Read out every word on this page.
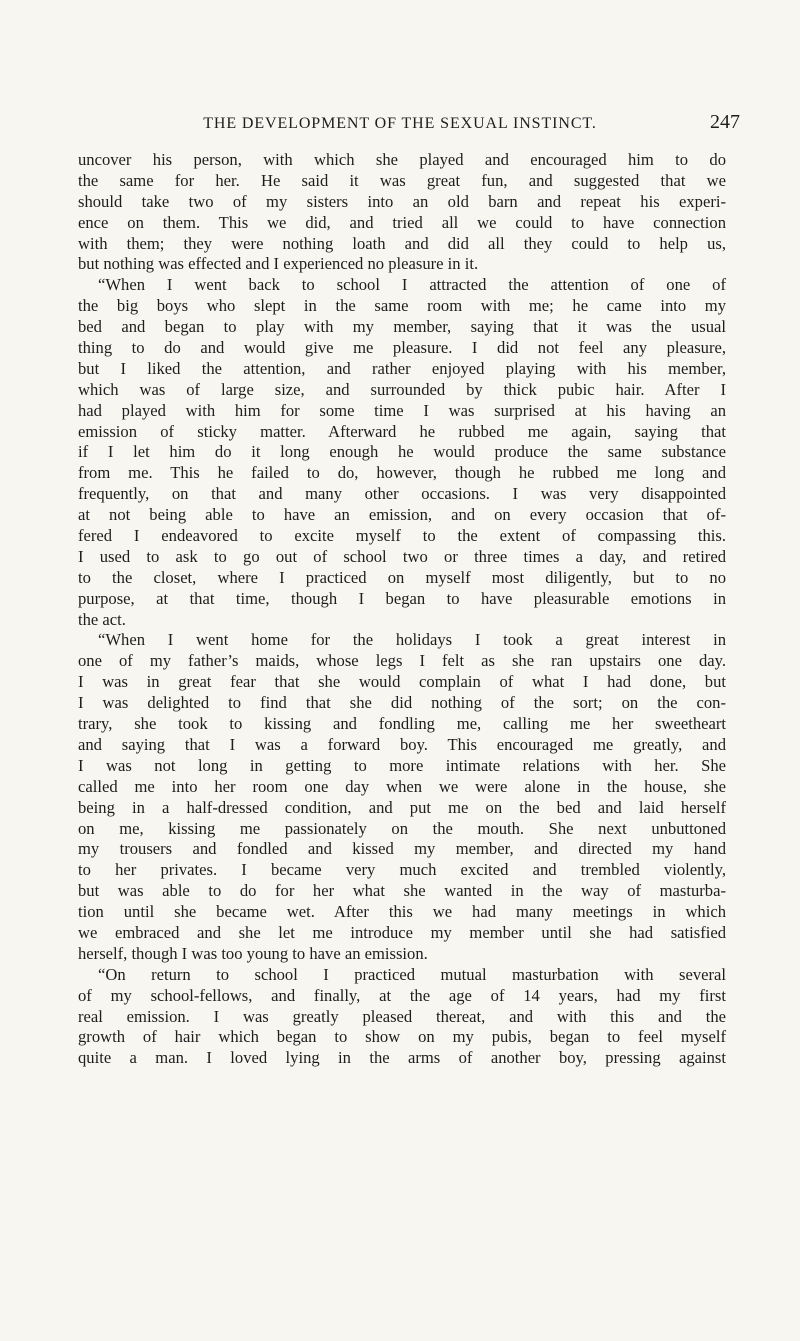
THE DEVELOPMENT OF THE SEXUAL INSTINCT.	247
uncover his person, with which she played and encouraged him to do
the same for her. He said it was great fun, and suggested that we
should take two of my sisters into an old barn and repeat his experi-
ence on them. This we did, and tried all we could to have connection
with them; they were nothing loath and did all they could to help us,
but nothing was effected and I experienced no pleasure in it.
“When I went back to school I attracted the attention of one of
the big boys who slept in the same room with me; he came into my
bed and began to play with my member, saying that it was the usual
thing to do and would give me pleasure. I did not feel any pleasure,
but I liked the attention, and rather enjoyed playing with his member,
which was of large size, and surrounded by thick pubic hair. After I
had played with him for some time I was surprised at his having an
emission of sticky matter. Afterward he rubbed me again, saying that
if I let him do it long enough he would produce the same substance
from me. This he failed to do, however, though he rubbed me long and
frequently, on that and many other occasions. I was very disappointed
at not being able to have an emission, and on every occasion that of-
fered I endeavored to excite myself to the extent of compassing this.
I used to ask to go out of school two or three times a day, and retired
to the closet, where I practiced on myself most diligently, but to no
purpose, at that time, though I began to have pleasurable emotions in
the act.
“When I went home for the holidays I took a great interest in
one of my father’s maids, whose legs I felt as she ran upstairs one day.
I was in great fear that she would complain of what I had done, but
I was delighted to find that she did nothing of the sort; on the con-
trary, she took to kissing and fondling me, calling me her sweetheart
and saying that I was a forward boy. This encouraged me greatly, and
I was not long in getting to more intimate relations with her. She
called me into her room one day when we were alone in the house, she
being in a half-dressed condition, and put me on the bed and laid herself
on me, kissing me passionately on the mouth. She next unbuttoned
my trousers and fondled and kissed my member, and directed my hand
to her privates. I became very much excited and trembled violently,
but was able to do for her what she wanted in the way of masturba-
tion until she became wet. After this we had many meetings in which
we embraced and she let me introduce my member until she had satisfied
herself, though I was too young to have an emission.
“On return to school I practiced mutual masturbation with several
of my school-fellows, and finally, at the age of 14 years, had my first
real emission. I was greatly pleased thereat, and with this and the
growth of hair which began to show on my pubis, began to feel myself
quite a man. I loved lying in the arms of another boy, pressing against
